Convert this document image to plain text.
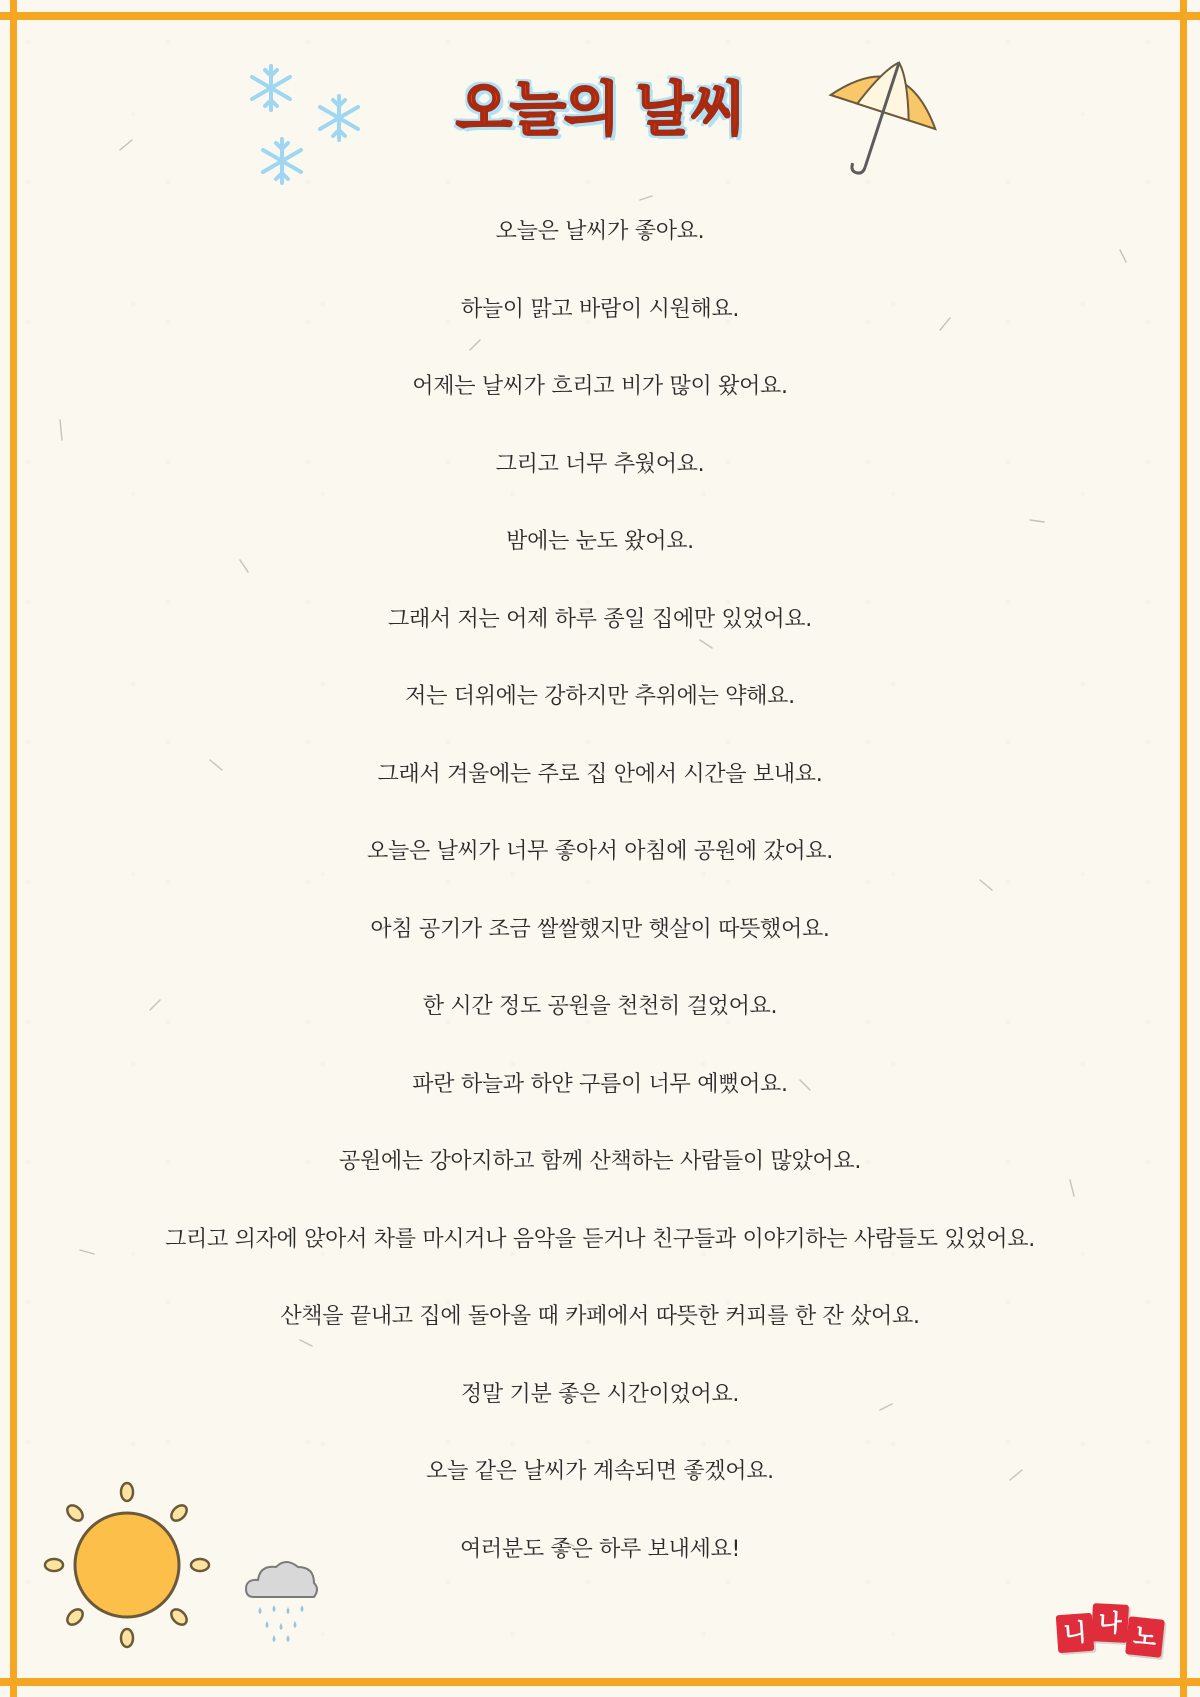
오늘의 날씨
오늘은 날씨가 좋아요.
하늘이 맑고 바람이 시원해요.
어제는 날씨가 흐리고 비가 많이 왔어요.
그리고 너무 추웠어요.
밤에는 눈도 왔어요.
그래서 저는 어제 하루 종일 집에만 있었어요.
저는 더위에는 강하지만 추위에는 약해요.
그래서 겨울에는 주로 집 안에서 시간을 보내요.
오늘은 날씨가 너무 좋아서 아침에 공원에 갔어요.
아침 공기가 조금 쌀쌀했지만 햇살이 따뜻했어요.
한 시간 정도 공원을 천천히 걸었어요.
파란 하늘과 하얀 구름이 너무 예뻤어요.
공원에는 강아지하고 함께 산책하는 사람들이 많았어요.
그리고 의자에 앉아서 차를 마시거나 음악을 듣거나 친구들과 이야기하는 사람들도 있었어요.
산책을 끝내고 집에 돌아올 때 카페에서 따뜻한 커피를 한 잔 샀어요.
정말 기분 좋은 시간이었어요.
오늘 같은 날씨가 계속되면 좋겠어요.
여러분도 좋은 하루 보내세요!
니 나 노
